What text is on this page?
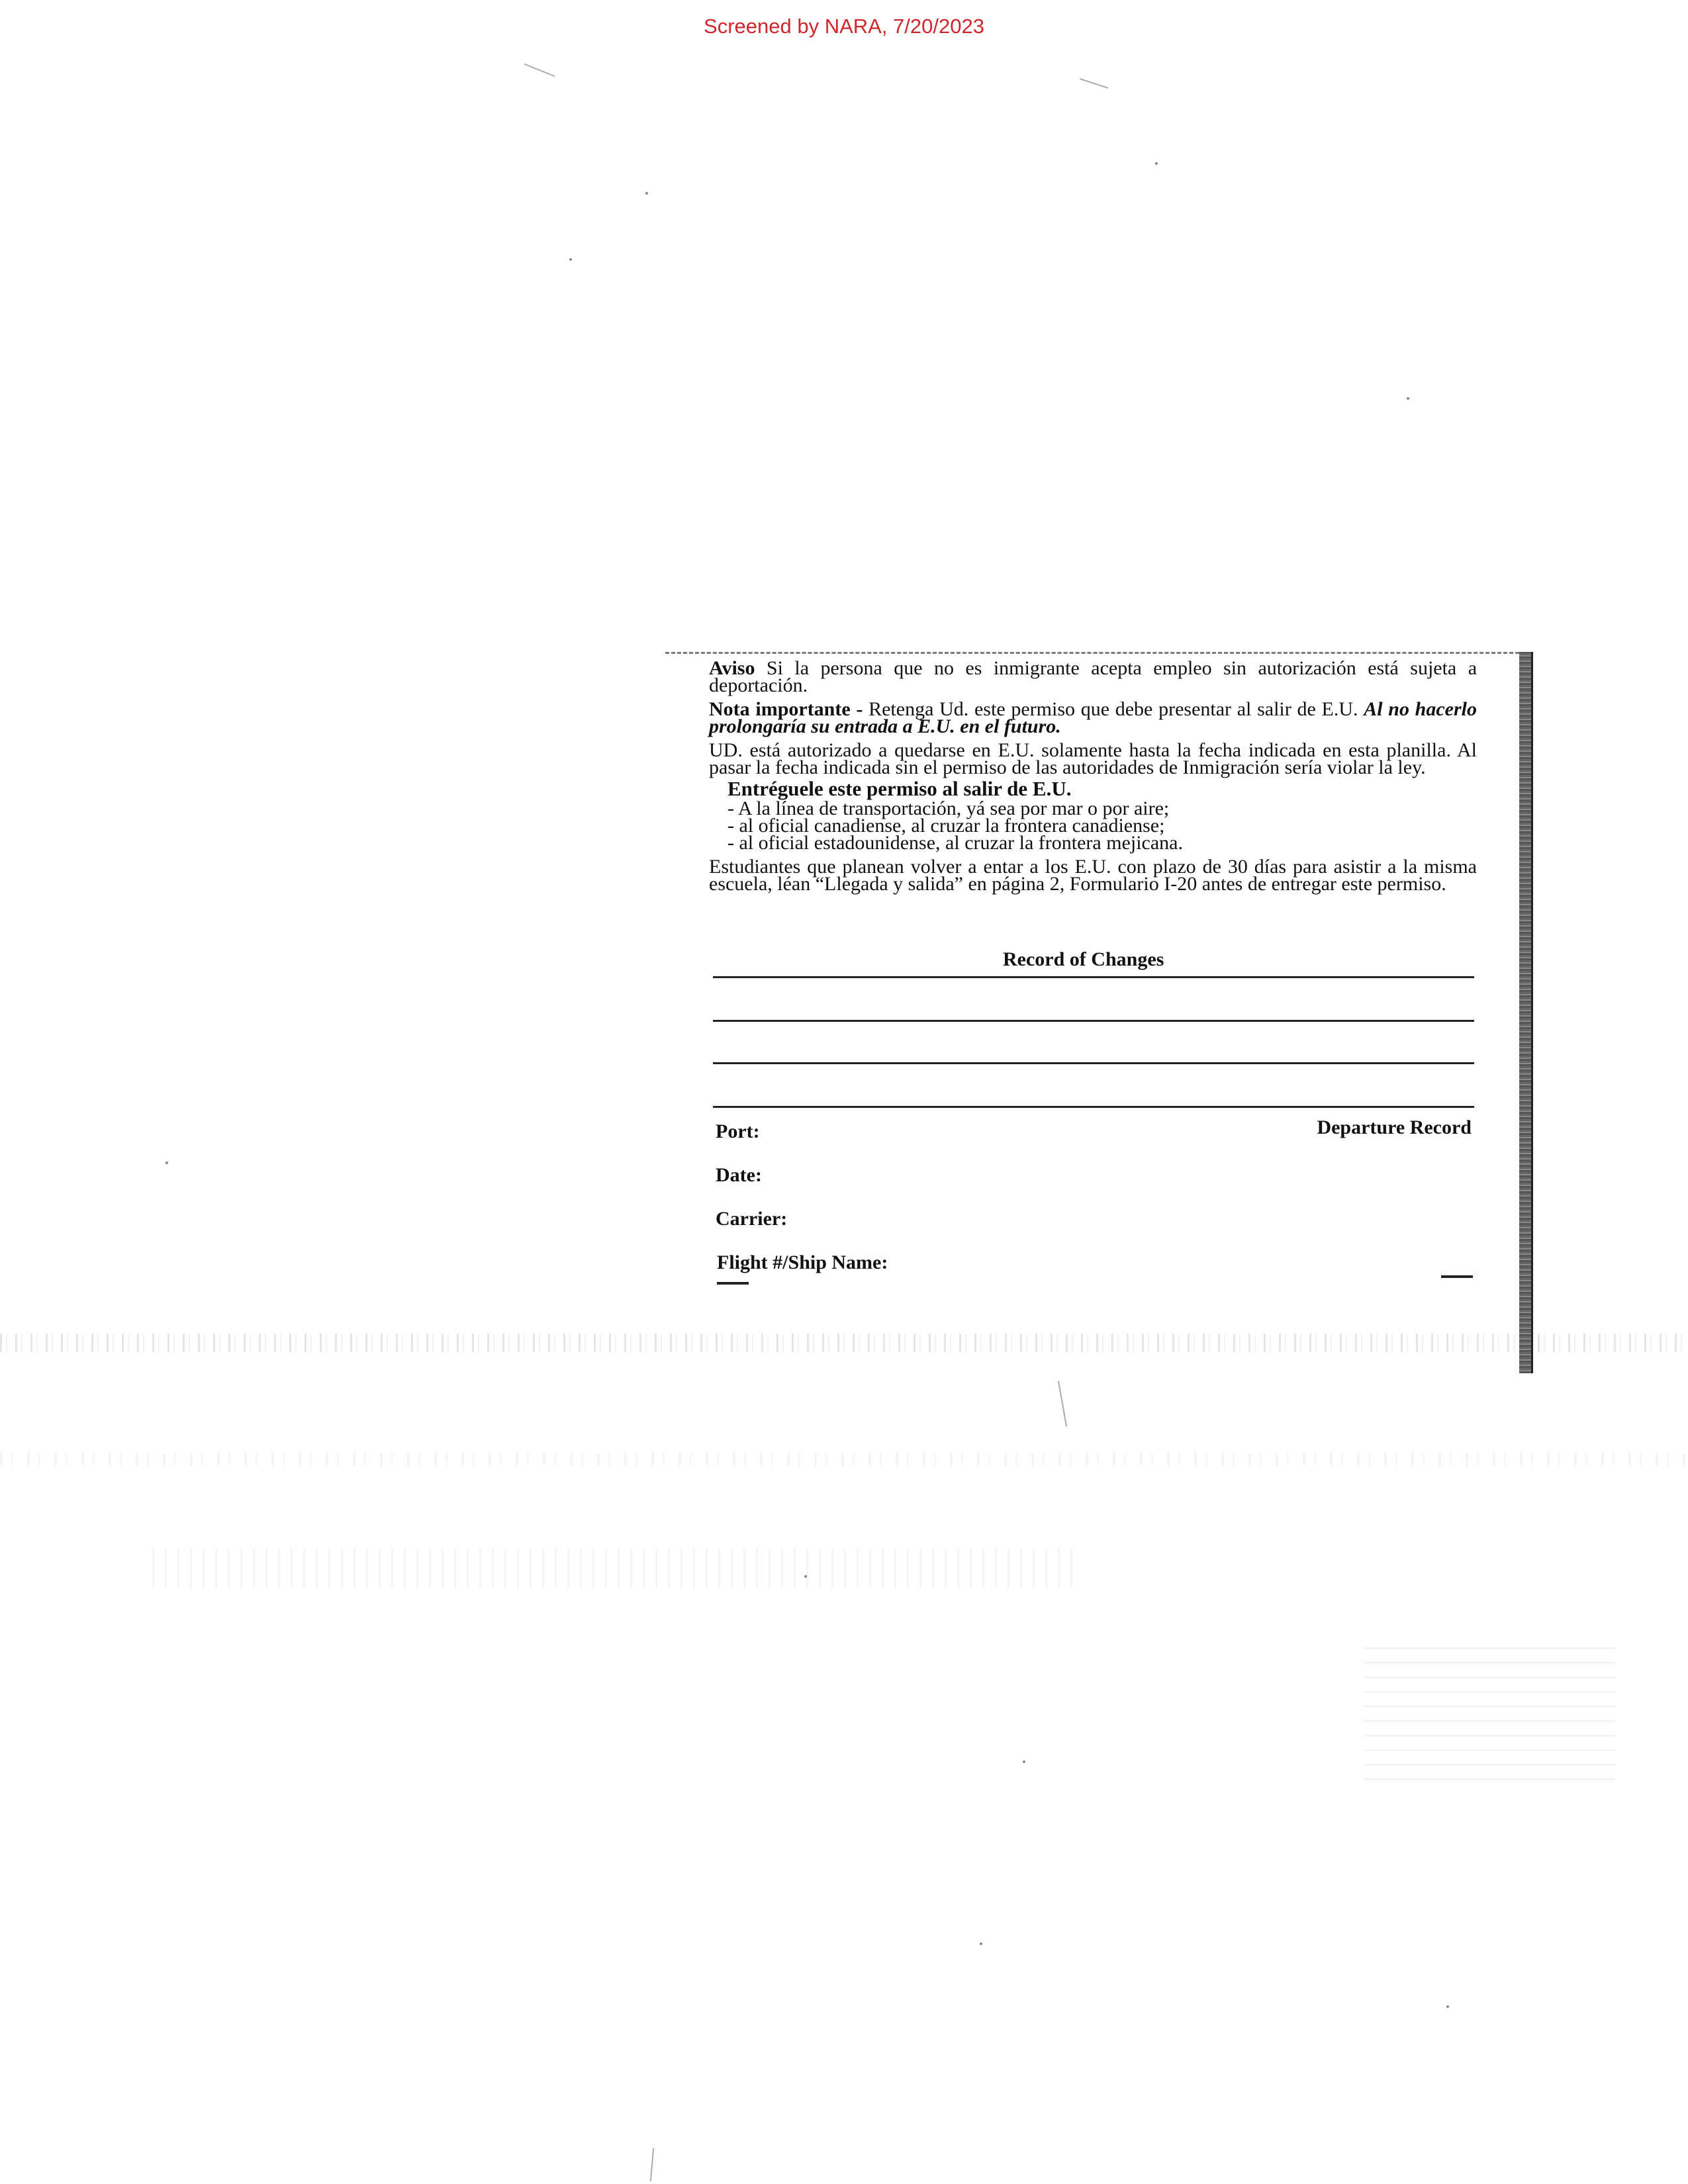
Screened by NARA, 7/20/2023

Aviso Si la persona que no es inmigrante acepta empleo sin autorización está sujeta a deportación.

Nota importante - Retenga Ud. este permiso que debe presentar al salir de E.U. Al no hacerlo prolongaría su entrada a E.U. en el futuro.

UD. está autorizado a quedarse en E.U. solamente hasta la fecha indicada en esta planilla. Al pasar la fecha indicada sin el permiso de las autoridades de Inmigración sería violar la ley.

Entréguele este permiso al salir de E.U.
- A la línea de transportación, yá sea por mar o por aire;
- al oficial canadiense, al cruzar la frontera canadiense;
- al oficial estadounidense, al cruzar la frontera mejicana.

Estudiantes que planean volver a entar a los E.U. con plazo de 30 días para asistir a la misma escuela, léan “Llegada y salida” en página 2, Formulario I-20 antes de entregar este permiso.

Record of Changes
Departure Record
Port:
Date:
Carrier:
Flight #/Ship Name:
